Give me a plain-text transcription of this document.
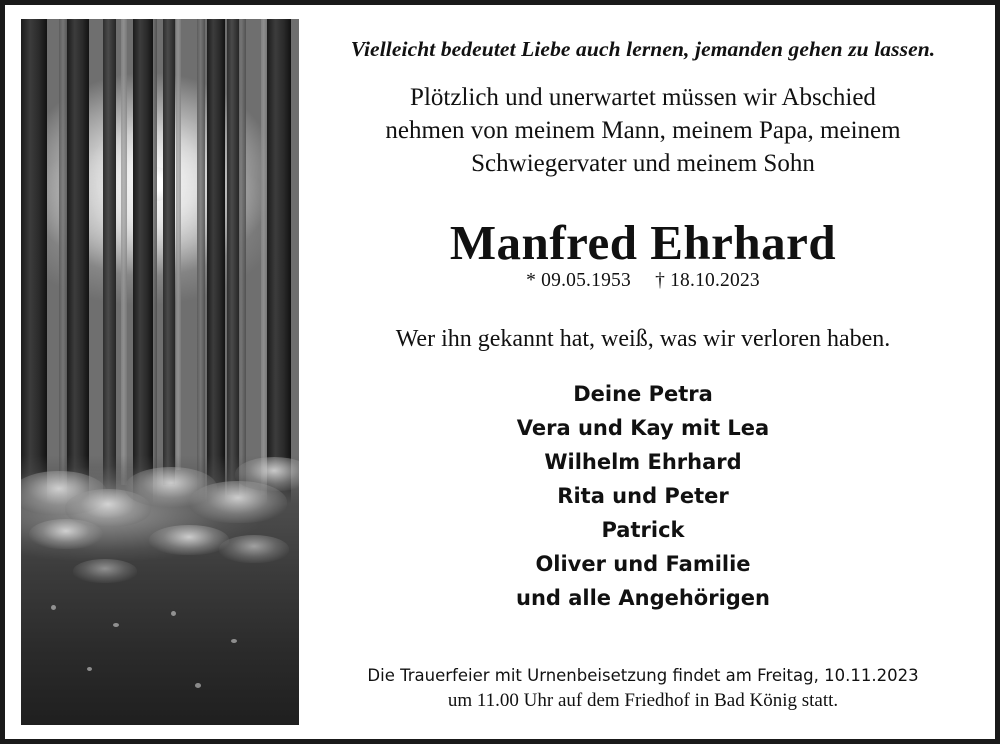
Vielleicht bedeutet Liebe auch lernen, jemanden gehen zu lassen.
Plötzlich und unerwartet müssen wir Abschied
nehmen von meinem Mann, meinem Papa, meinem
Schwiegervater und meinem Sohn
Manfred Ehrhard
* 09.05.1953 † 18.10.2023
Wer ihn gekannt hat, weiß, was wir verloren haben.
Deine Petra
Vera und Kay mit Lea
Wilhelm Ehrhard
Rita und Peter
Patrick
Oliver und Familie
und alle Angehörigen
Die Trauerfeier mit Urnenbeisetzung findet am Freitag, 10.11.2023
um 11.00 Uhr auf dem Friedhof in Bad König statt.
